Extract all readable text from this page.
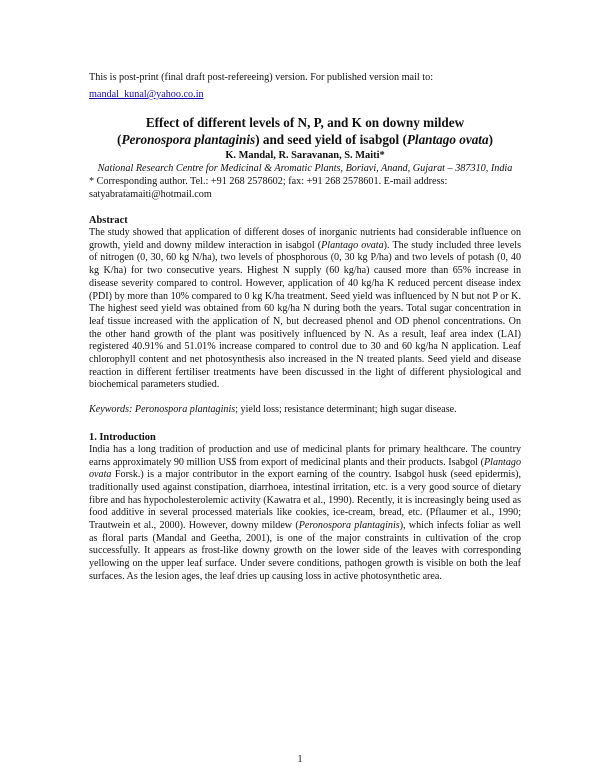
This is post-print (final draft post-refereeing) version. For published version mail to:

mandal_kunal@yahoo.co.in
Effect of different levels of N, P, and K on downy mildew
(Peronospora plantaginis) and seed yield of isabgol (Plantago ovata)

K. Mandal, R. Saravanan, S. Maiti*

National Research Centre for Medicinal & Aromatic Plants, Boriavi, Anand, Gujarat – 387310, India

* Corresponding author. Tel.: +91 268 2578602; fax: +91 268 2578601. E-mail address: satyabratamaiti@hotmail.com

Abstract

The study showed that application of different doses of inorganic nutrients had considerable influence on growth, yield and downy mildew interaction in isabgol (Plantago ovata). The study included three levels of nitrogen (0, 30, 60 kg N/ha), two levels of phosphorous (0, 30 kg P/ha) and two levels of potash (0, 40 kg K/ha) for two consecutive years. Highest N supply (60 kg/ha) caused more than 65% increase in disease severity compared to control. However, application of 40 kg/ha K reduced percent disease index (PDI) by more than 10% compared to 0 kg K/ha treatment. Seed yield was influenced by N but not P or K. The highest seed yield was obtained from 60 kg/ha N during both the years. Total sugar concentration in leaf tissue increased with the application of N, but decreased phenol and OD phenol concentrations. On the other hand growth of the plant was positively influenced by N. As a result, leaf area index (LAI) registered 40.91% and 51.01% increase compared to control due to 30 and 60 kg/ha N application. Leaf chlorophyll content and net photosynthesis also increased in the N treated plants. Seed yield and disease reaction in different fertiliser treatments have been discussed in the light of different physiological and biochemical parameters studied.

Keywords: Peronospora plantaginis; yield loss; resistance determinant; high sugar disease.

1. Introduction

India has a long tradition of production and use of medicinal plants for primary healthcare. The country earns approximately 90 million US$ from export of medicinal plants and their products. Isabgol (Plantago ovata Forsk.) is a major contributor in the export earning of the country. Isabgol husk (seed epidermis), traditionally used against constipation, diarrhoea, intestinal irritation, etc. is a very good source of dietary fibre and has hypocholesterolemic activity (Kawatra et al., 1990). Recently, it is increasingly being used as food additive in several processed materials like cookies, ice-cream, bread, etc. (Pflaumer et al., 1990; Trautwein et al., 2000). However, downy mildew (Peronospora plantaginis), which infects foliar as well as floral parts (Mandal and Geetha, 2001), is one of the major constraints in cultivation of the crop successfully. It appears as frost-like downy growth on the lower side of the leaves with corresponding yellowing on the upper leaf surface. Under severe conditions, pathogen growth is visible on both the leaf surfaces. As the lesion ages, the leaf dries up causing loss in active photosynthetic area.

1
